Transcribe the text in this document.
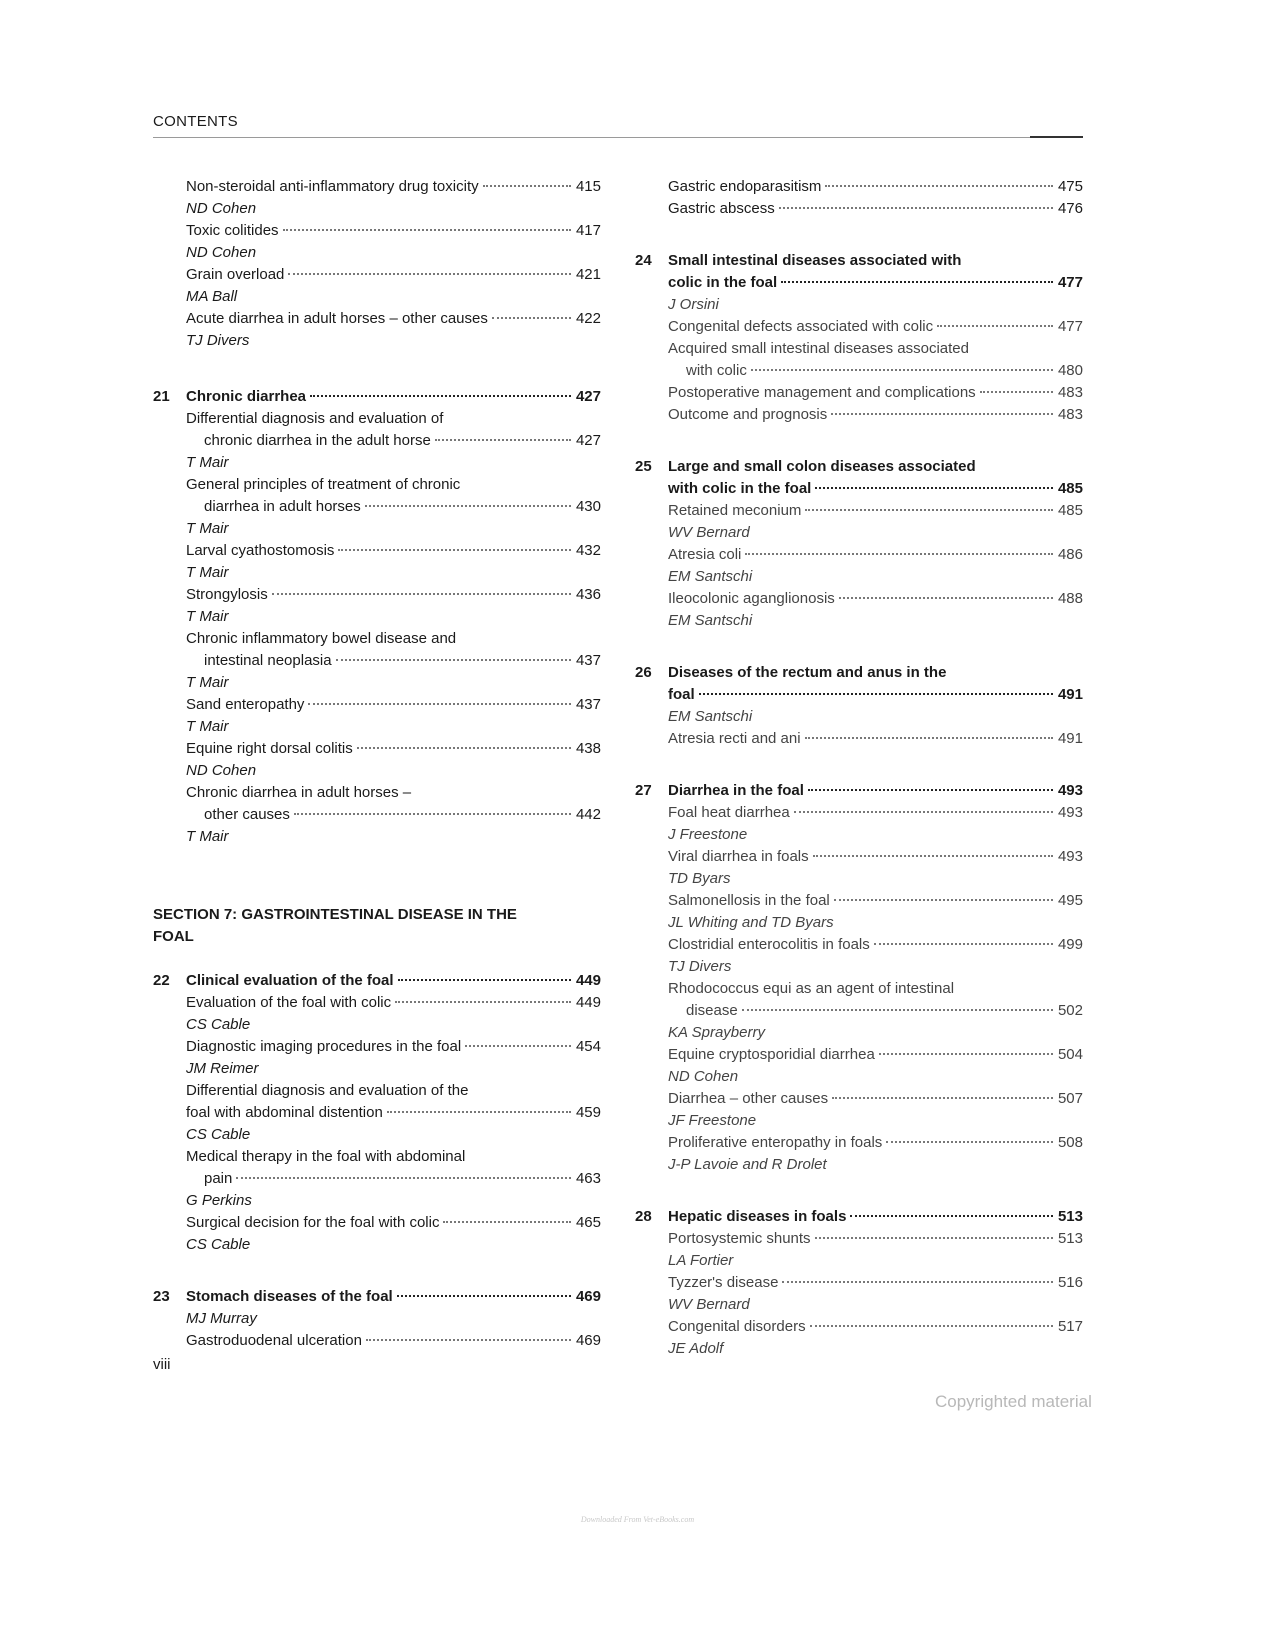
CONTENTS
Non-steroidal anti-inflammatory drug toxicity	415
ND Cohen
Toxic colitides	417
ND Cohen
Grain overload	421
MA Ball
Acute diarrhea in adult horses – other causes	422
TJ Divers
21 Chronic diarrhea	427
Differential diagnosis and evaluation of
chronic diarrhea in the adult horse	427
T Mair
General principles of treatment of chronic
diarrhea in adult horses	430
T Mair
Larval cyathostomosis	432
T Mair
Strongylosis	436
T Mair
Chronic inflammatory bowel disease and
intestinal neoplasia	437
T Mair
Sand enteropathy	437
T Mair
Equine right dorsal colitis	438
ND Cohen
Chronic diarrhea in adult horses –
other causes	442
T Mair
SECTION 7: GASTROINTESTINAL DISEASE IN THE
FOAL
22 Clinical evaluation of the foal	449
Evaluation of the foal with colic	449
CS Cable
Diagnostic imaging procedures in the foal	454
JM Reimer
Differential diagnosis and evaluation of the
foal with abdominal distention	459
CS Cable
Medical therapy in the foal with abdominal
pain	463
G Perkins
Surgical decision for the foal with colic	465
CS Cable
23 Stomach diseases of the foal	469
MJ Murray
Gastroduodenal ulceration	469
Gastric endoparasitism	475
Gastric abscess	476
24 Small intestinal diseases associated with
colic in the foal	477
J Orsini
Congenital defects associated with colic	477
Acquired small intestinal diseases associated
with colic	480
Postoperative management and complications	483
Outcome and prognosis	483
25 Large and small colon diseases associated
with colic in the foal	485
Retained meconium	485
WV Bernard
Atresia coli	486
EM Santschi
Ileocolonic aganglionosis	488
EM Santschi
26 Diseases of the rectum and anus in the
foal	491
EM Santschi
Atresia recti and ani	491
27 Diarrhea in the foal	493
Foal heat diarrhea	493
J Freestone
Viral diarrhea in foals	493
TD Byars
Salmonellosis in the foal	495
JL Whiting and TD Byars
Clostridial enterocolitis in foals	499
TJ Divers
Rhodococcus equi as an agent of intestinal
disease	502
KA Sprayberry
Equine cryptosporidial diarrhea	504
ND Cohen
Diarrhea – other causes	507
JF Freestone
Proliferative enteropathy in foals	508
J-P Lavoie and R Drolet
28 Hepatic diseases in foals	513
Portosystemic shunts	513
LA Fortier
Tyzzer's disease	516
WV Bernard
Congenital disorders	517
JE Adolf
viii
Copyrighted material
Downloaded From Vet-eBooks.com
